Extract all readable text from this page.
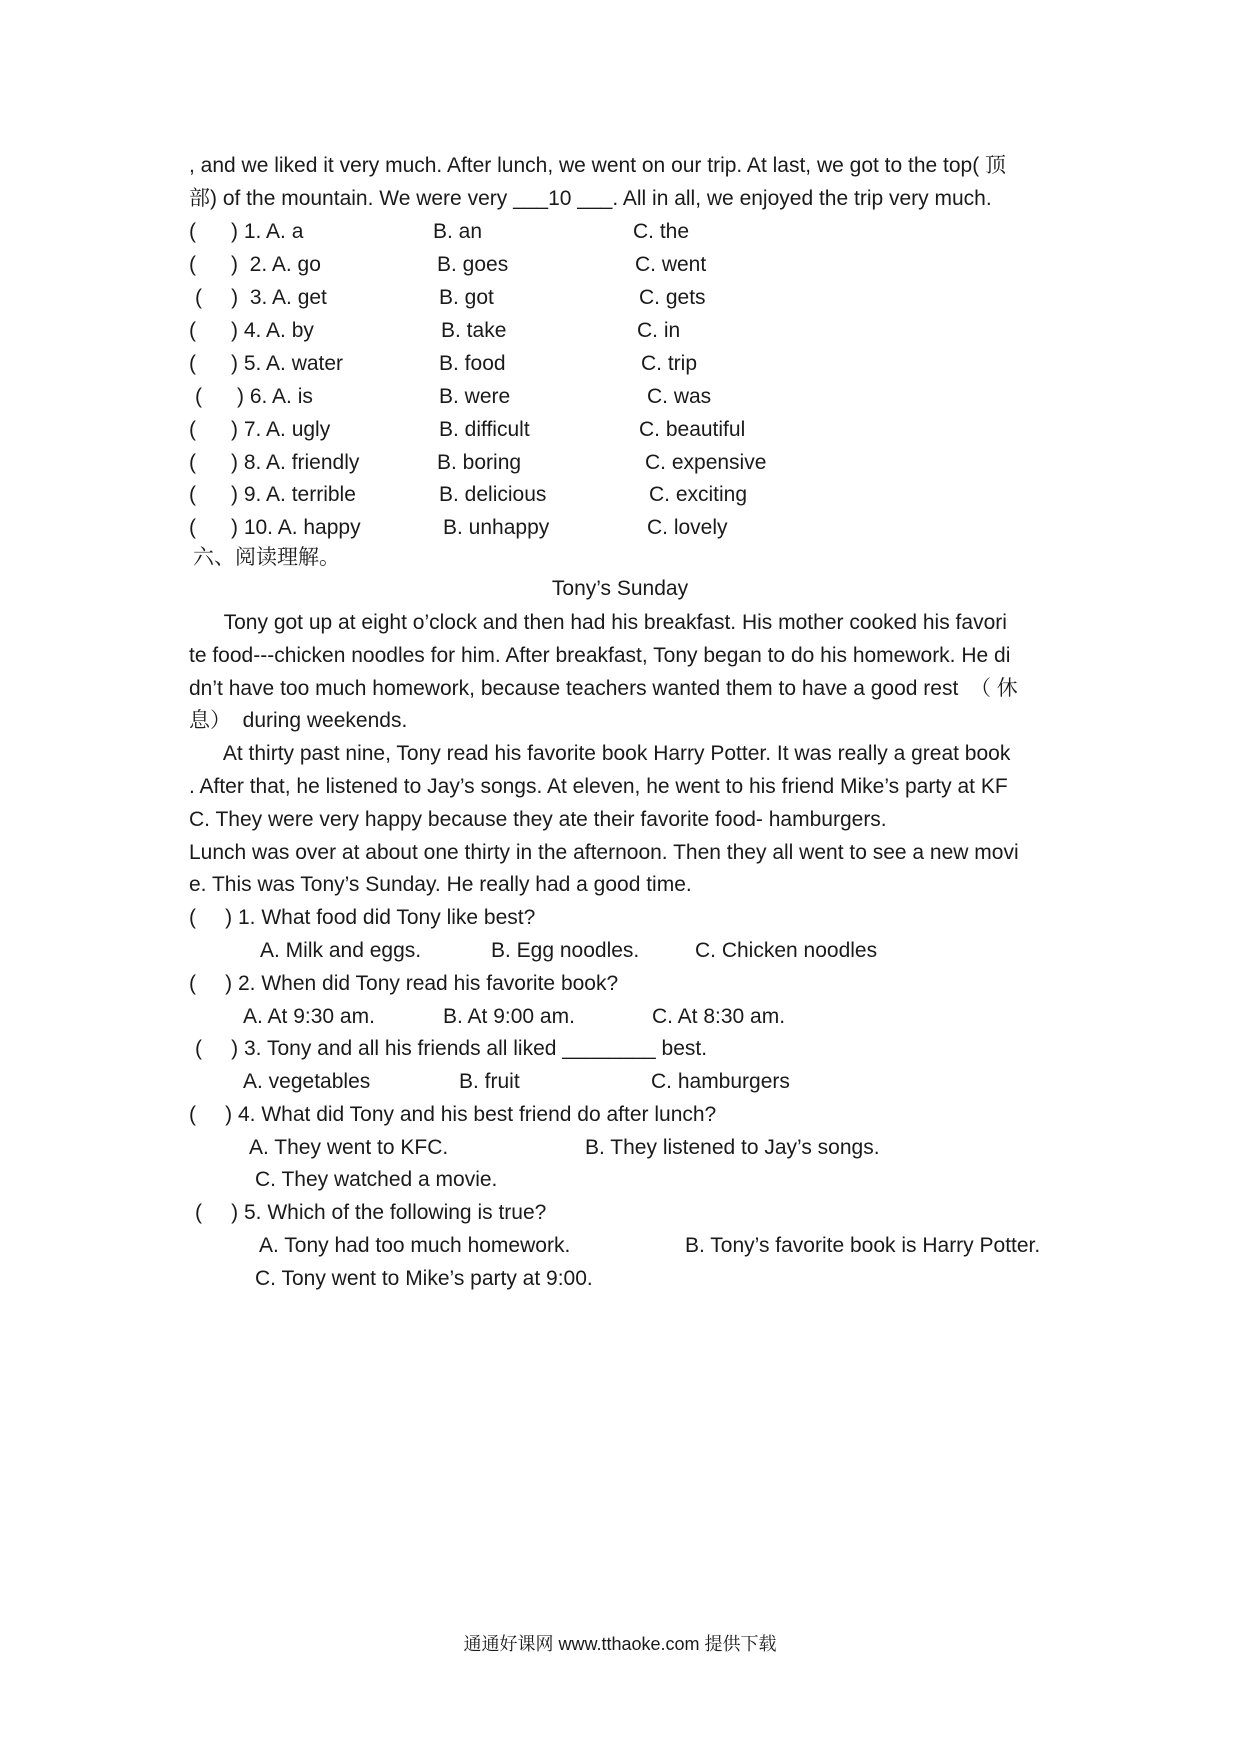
, and we liked it very much. After lunch, we went on our trip. At last, we got to the top( 顶
部) of the mountain. We were very ___10 ___. All in all, we enjoyed the trip very much.
(      ) 1. A. a	B. an	C. the
(      )  2. A. go	B. goes	C. went
(     )  3. A. get	B. got	C. gets
(      ) 4. A. by	B. take	C. in
(      ) 5. A. water	B. food	C. trip
(      ) 6. A. is	B. were	C. was
(      ) 7. A. ugly	B. difficult	C. beautiful
(      ) 8. A. friendly	B. boring	C. expensive
(      ) 9. A. terrible	B. delicious	C. exciting
(      ) 10. A. happy	B. unhappy	C. lovely
六、阅读理解。
Tony’s Sunday
Tony got up at eight o’clock and then had his breakfast. His mother cooked his favori
te food---chicken noodles for him. After breakfast, Tony began to do his homework. He di
dn’t have too much homework, because teachers wanted them to have a good rest  （ 休
息）  during weekends.
At thirty past nine, Tony read his favorite book Harry Potter. It was really a great book
. After that, he listened to Jay’s songs. At eleven, he went to his friend Mike’s party at KF
C. They were very happy because they ate their favorite food- hamburgers.
Lunch was over at about one thirty in the afternoon. Then they all went to see a new movi
e. This was Tony’s Sunday. He really had a good time.
(     ) 1. What food did Tony like best?
A. Milk and eggs.	B. Egg noodles.	C. Chicken noodles
(     ) 2. When did Tony read his favorite book?
A. At 9:30 am.	B. At 9:00 am.	C. At 8:30 am.
(     ) 3. Tony and all his friends all liked ________ best.
A. vegetables	B. fruit	C. hamburgers
(     ) 4. What did Tony and his best friend do after lunch?
A. They went to KFC.	B. They listened to Jay’s songs.
C. They watched a movie.
(     ) 5. Which of the following is true?
A. Tony had too much homework.	B. Tony’s favorite book is Harry Potter.
C. Tony went to Mike’s party at 9:00.
通通好课网 www.tthaoke.com 提供下载
